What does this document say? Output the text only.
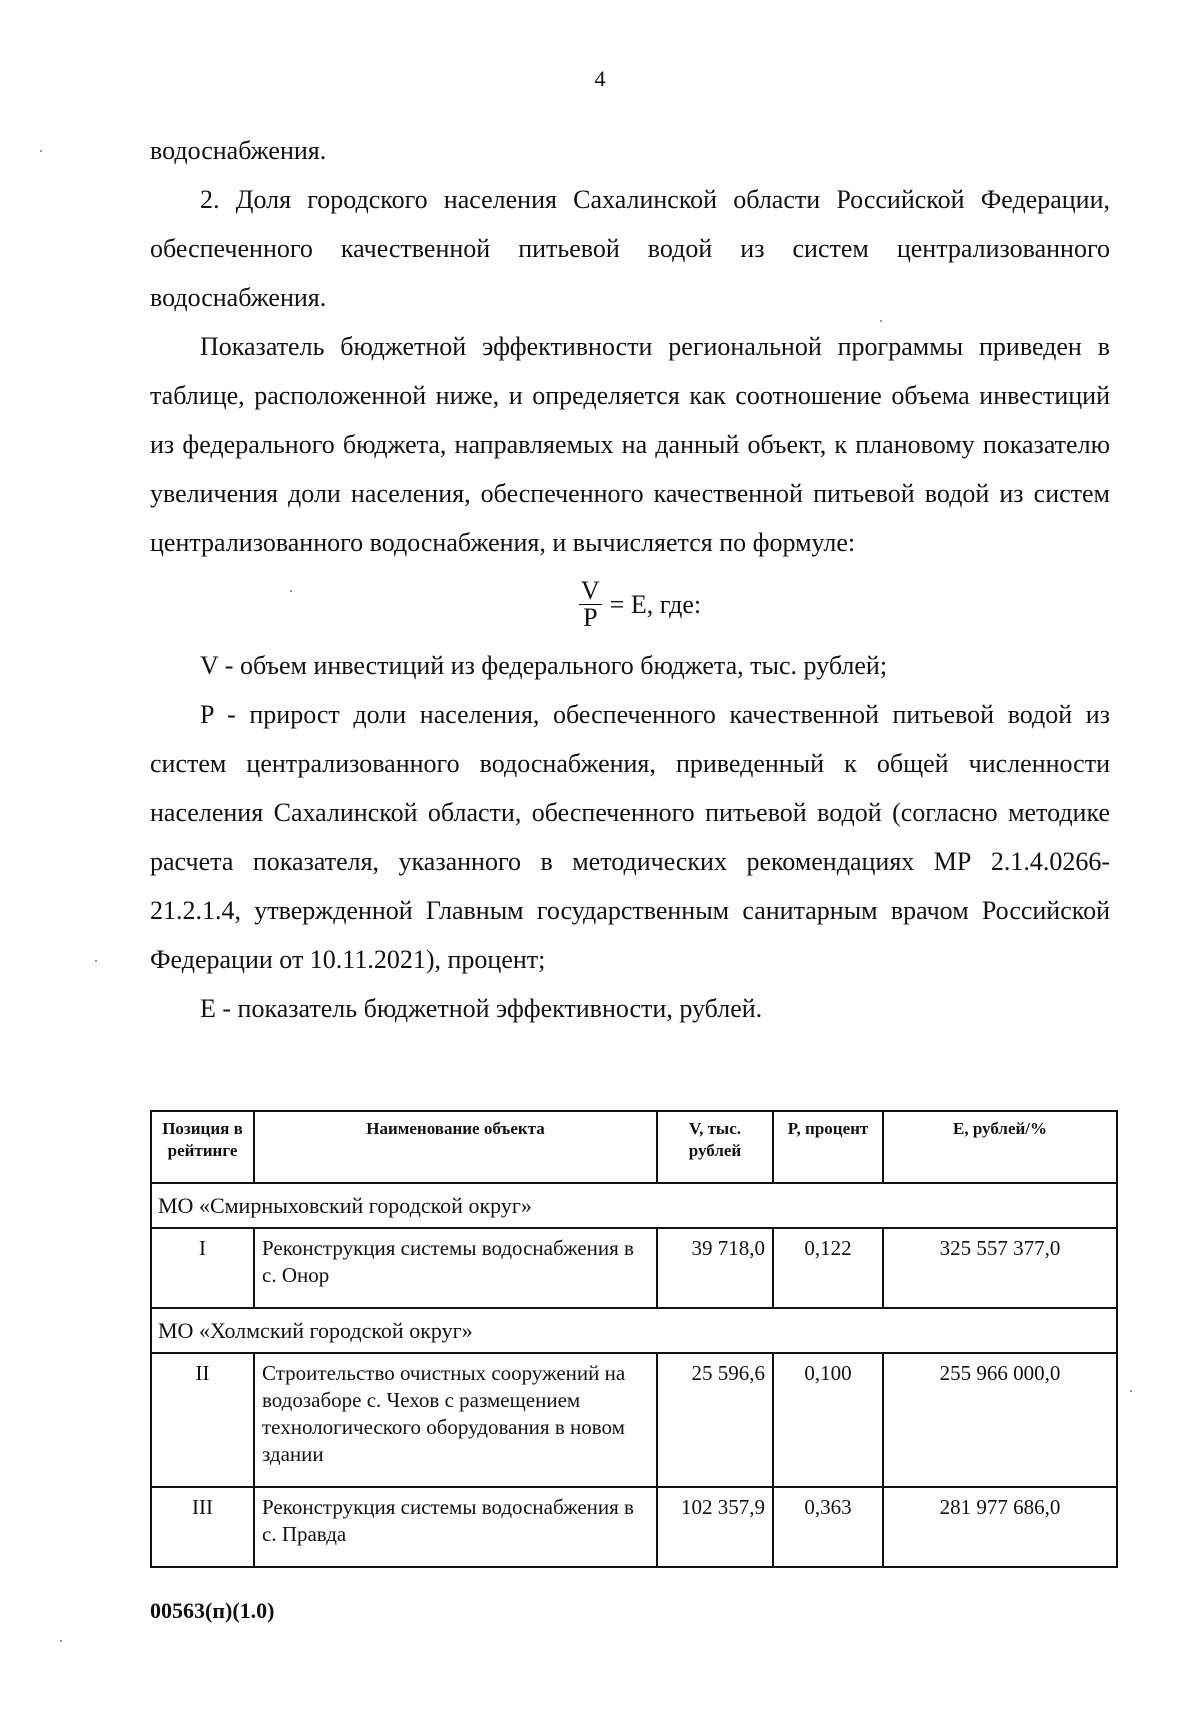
4

водоснабжения.

2. Доля городского населения Сахалинской области Российской Федерации, обеспеченного качественной питьевой водой из систем централизованного водоснабжения.

Показатель бюджетной эффективности региональной программы приведен в таблице, расположенной ниже, и определяется как соотношение объема инвестиций из федерального бюджета, направляемых на данный объект, к плановому показателю увеличения доли населения, обеспеченного качественной питьевой водой из систем централизованного водоснабжения, и вычисляется по формуле:

$\frac{V}{P} = E$, где:

V - объем инвестиций из федерального бюджета, тыс. рублей;

P - прирост доли населения, обеспеченного качественной питьевой водой из систем централизованного водоснабжения, приведенный к общей численности населения Сахалинской области, обеспеченного питьевой водой (согласно методике расчета показателя, указанного в методических рекомендациях МР 2.1.4.0266-21.2.1.4, утвержденной Главным государственным санитарным врачом Российской Федерации от 10.11.2021), процент;

E - показатель бюджетной эффективности, рублей.

Позиция в рейтинге	Наименование объекта	V, тыс. рублей	P, процент	E, рублей/%
МО «Смирныховский городской округ»				
I	Реконструкция системы водоснабжения в с. Онор	39 718,0	0,122	325 557 377,0
МО «Холмский городской округ»				
II	Строительство очистных сооружений на водозаборе с. Чехов с размещением технологического оборудования в новом здании	25 596,6	0,100	255 966 000,0
III	Реконструкция системы водоснабжения в с. Правда	102 357,9	0,363	281 977 686,0
00563(п)(1.0)
